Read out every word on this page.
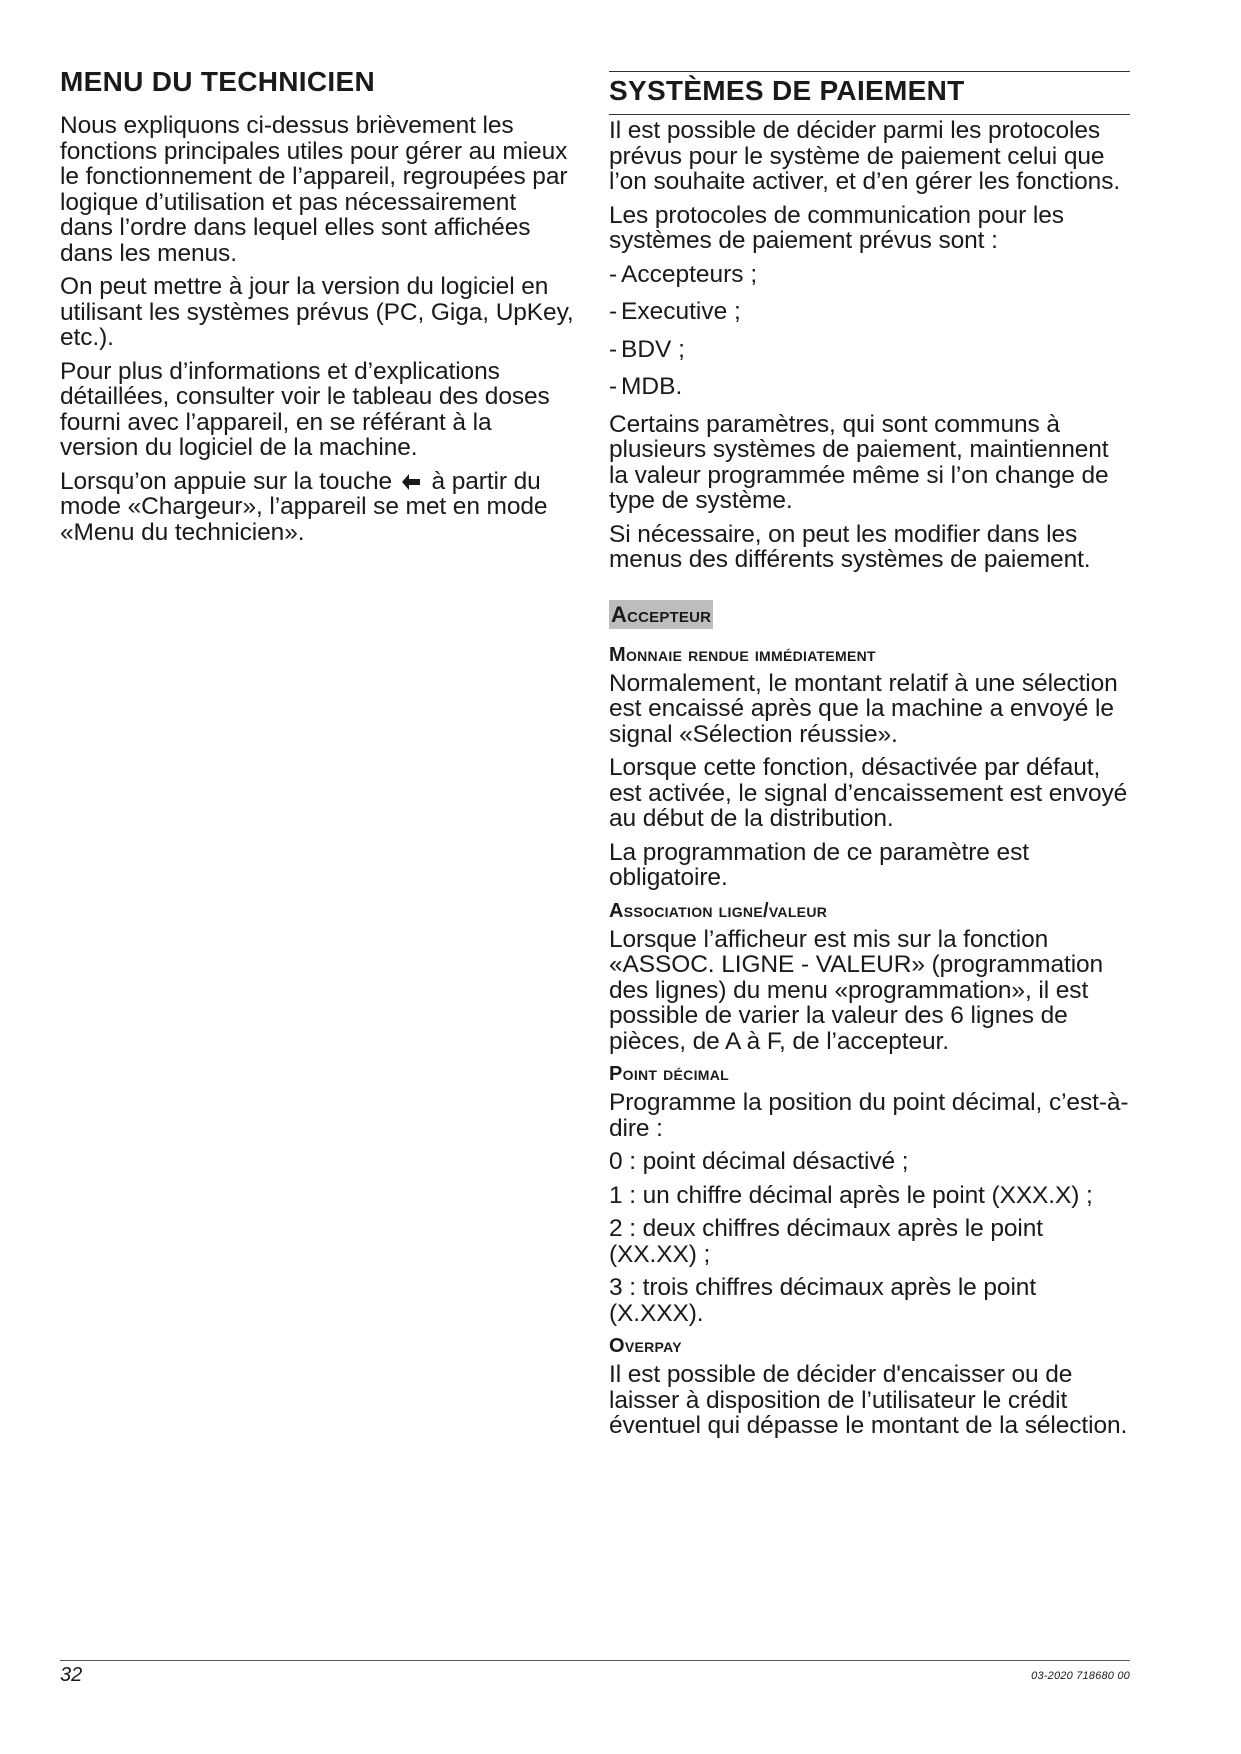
MENU DU TECHNICIEN

Nous expliquons ci-dessus brièvement les fonctions principales utiles pour gérer au mieux le fonctionnement de l’appareil, regroupées par logique d’utilisation et pas nécessairement dans l’ordre dans lequel elles sont affichées dans les menus.

On peut mettre à jour la version du logiciel en utilisant les systèmes prévus (PC, Giga, UpKey, etc.).

Pour plus d’informations et d’explications détaillées, consulter voir le tableau des doses fourni avec l’appareil, en se référant à la version du logiciel de la machine.

Lorsqu’on appuie sur la touche  à partir du mode «Chargeur», l’appareil se met en mode «Menu du technicien».

SYSTÈMES DE PAIEMENT

Il est possible de décider parmi les protocoles prévus pour le système de paiement celui que l’on souhaite activer, et d’en gérer les fonctions.

Les protocoles de communication pour les systèmes de paiement prévus sont :

- Accepteurs ;
- Executive ;
- BDV ;
- MDB.

Certains paramètres, qui sont communs à plusieurs systèmes de paiement, maintiennent la valeur programmée même si l’on change de type de système.

Si nécessaire, on peut les modifier dans les menus des différents systèmes de paiement.

Accepteur
Monnaie rendue immédiatement

Normalement, le montant relatif à une sélection est encaissé après que la machine a envoyé le signal «Sélection réussie».

Lorsque cette fonction, désactivée par défaut, est activée, le signal d’encaissement est envoyé au début de la distribution.

La programmation de ce paramètre est obligatoire.

Association ligne/valeur

Lorsque l’afficheur est mis sur la fonction «ASSOC. LIGNE - VALEUR» (programmation des lignes) du menu «programmation», il est possible de varier la valeur des 6 lignes de pièces, de A à F, de l’accepteur.

Point décimal

Programme la position du point décimal, c’est-à-dire :

0 : point décimal désactivé ;

1 : un chiffre décimal après le point (XXX.X) ;

2 : deux chiffres décimaux après le point (XX.XX) ;

3 : trois chiffres décimaux après le point (X.XXX).

Overpay

Il est possible de décider d'encaisser ou de laisser à disposition de l’utilisateur le crédit éventuel qui dépasse le montant de la sélection.

32	03-2020 718680 00
